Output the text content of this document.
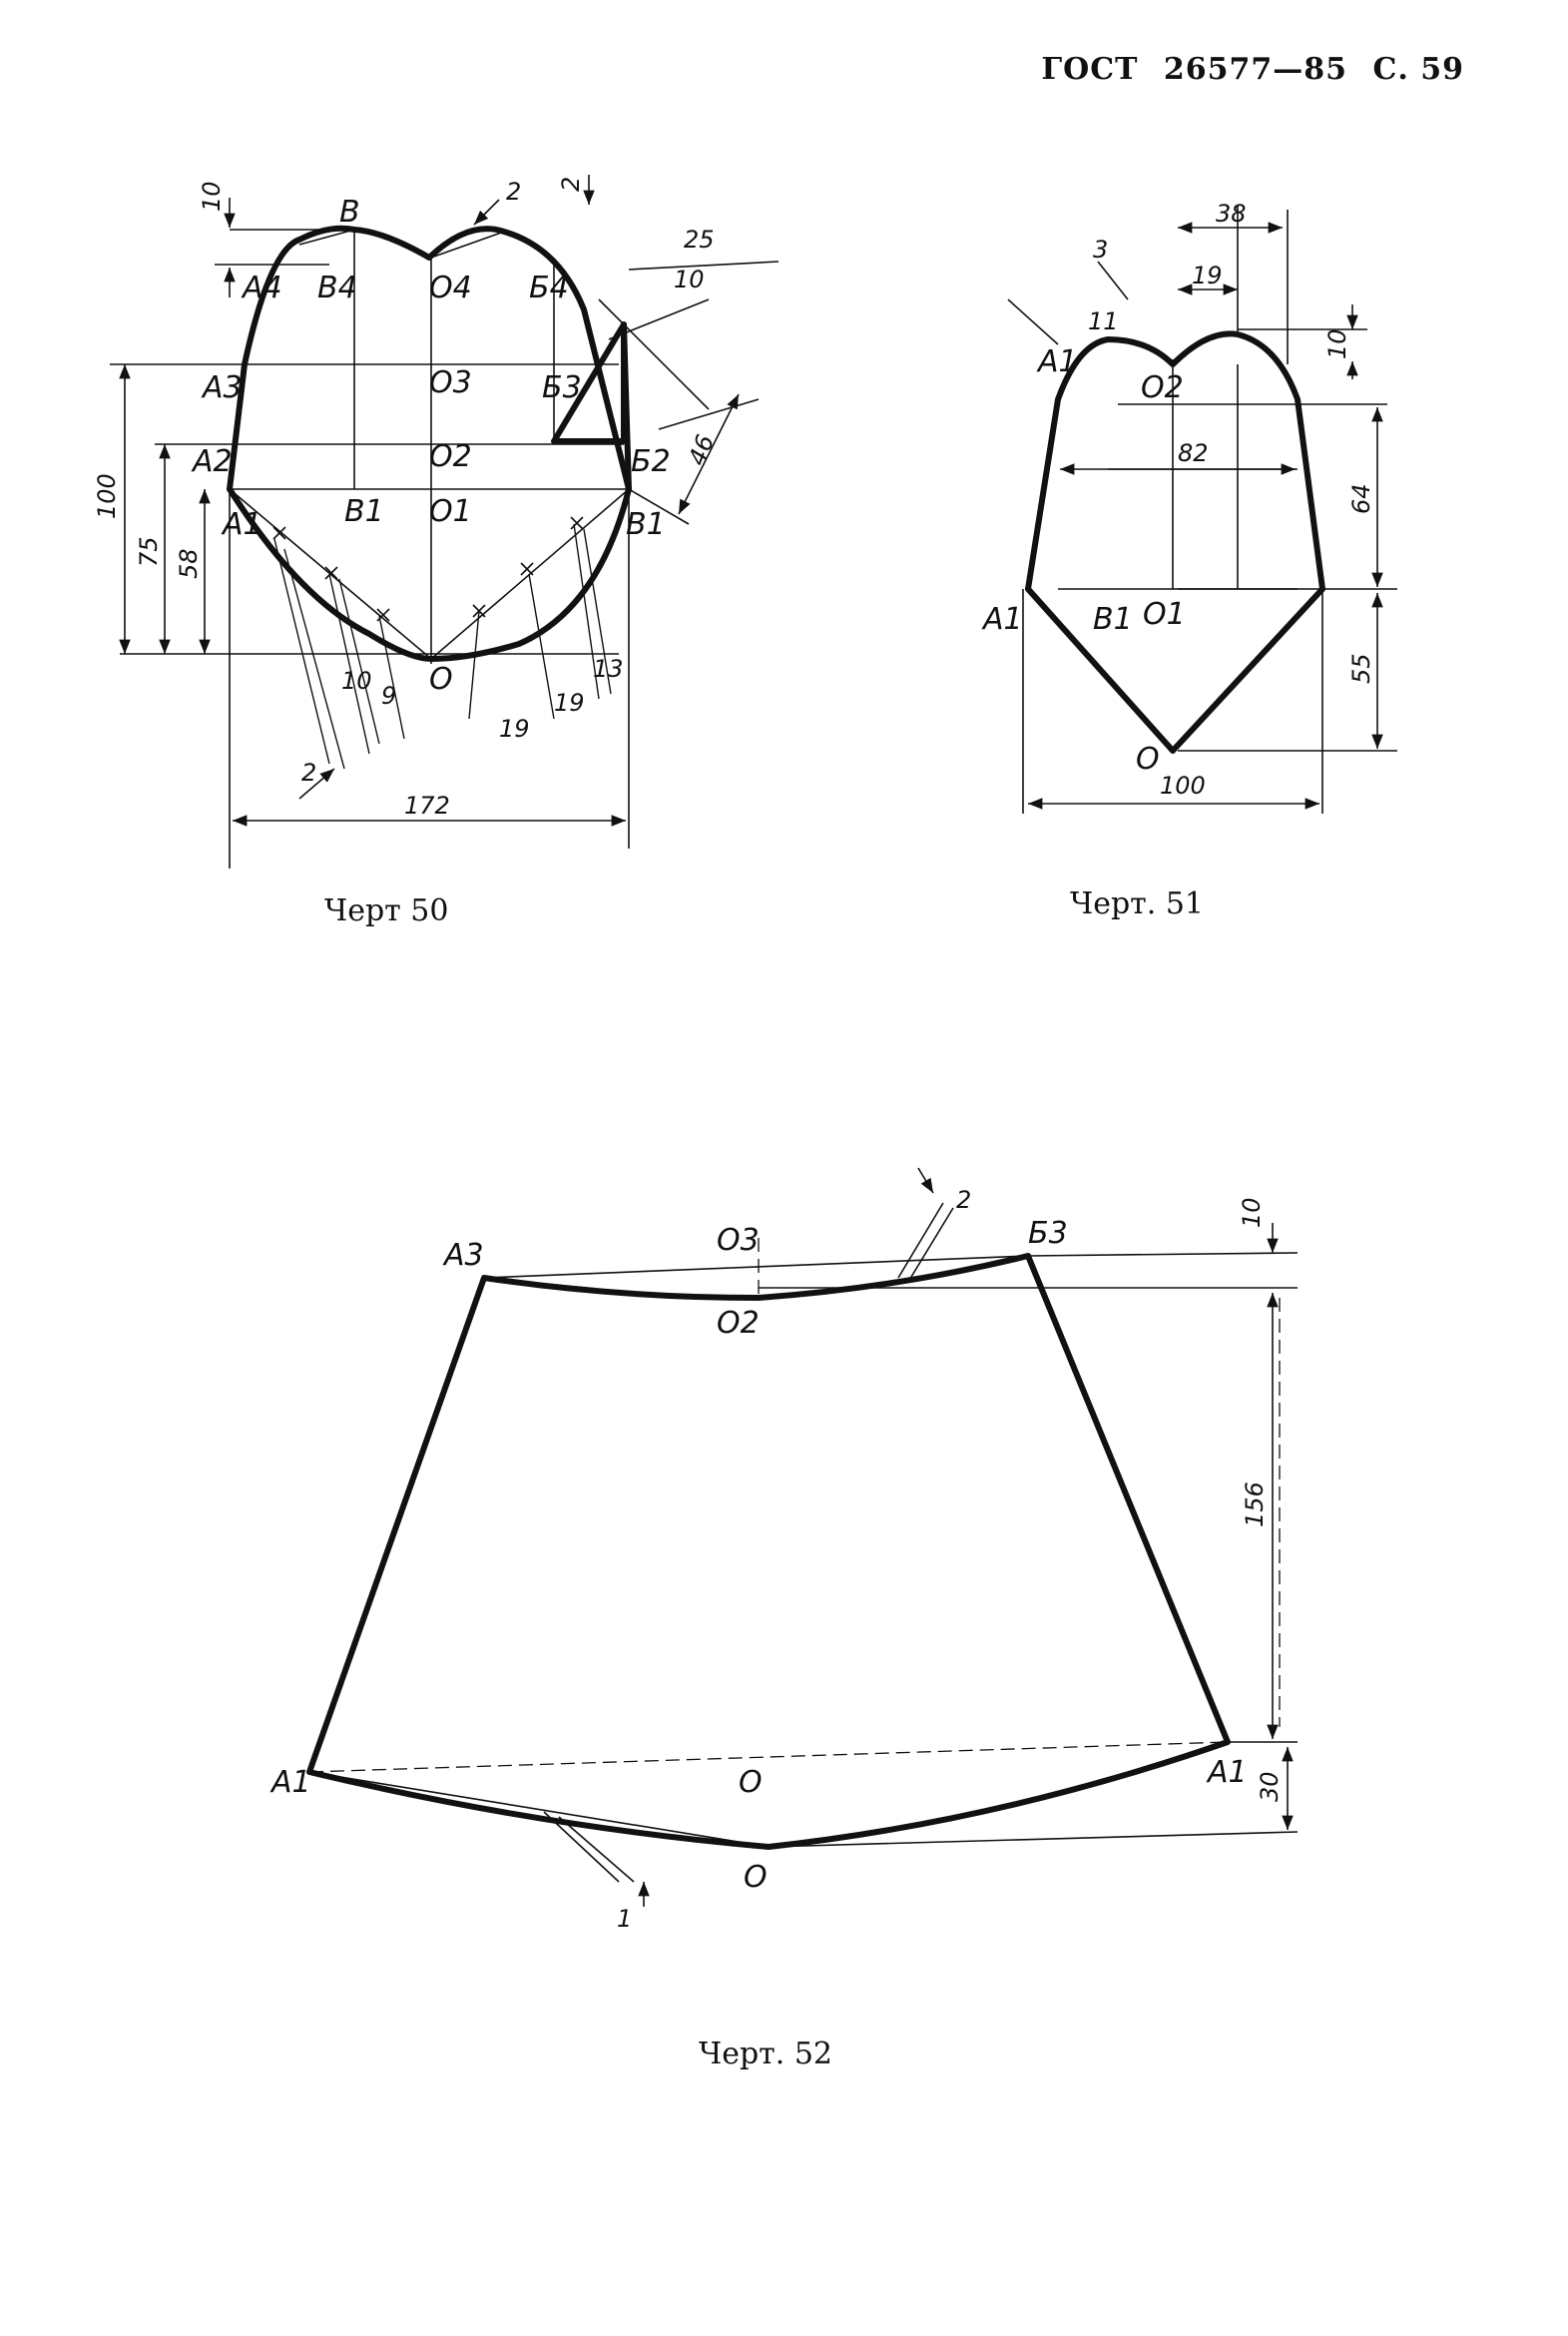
ГОСТ 26577—85 С. 59
В
А4 В4 О4 Б4
А3	О3 Б3
А2	О2	Б2
А1	В1 О1	В1
О
10	2 2
25
10
46
100
75 58
10
9
13
19
19
2
172
А1
О2
В1 О1
А1
О
38
19
3
11
10
82
64
55
100
А3	О3	Б3
О2
А1	О	А1
О
2	10
156
30
1
Черт 50	Черт. 51
Черт. 52
